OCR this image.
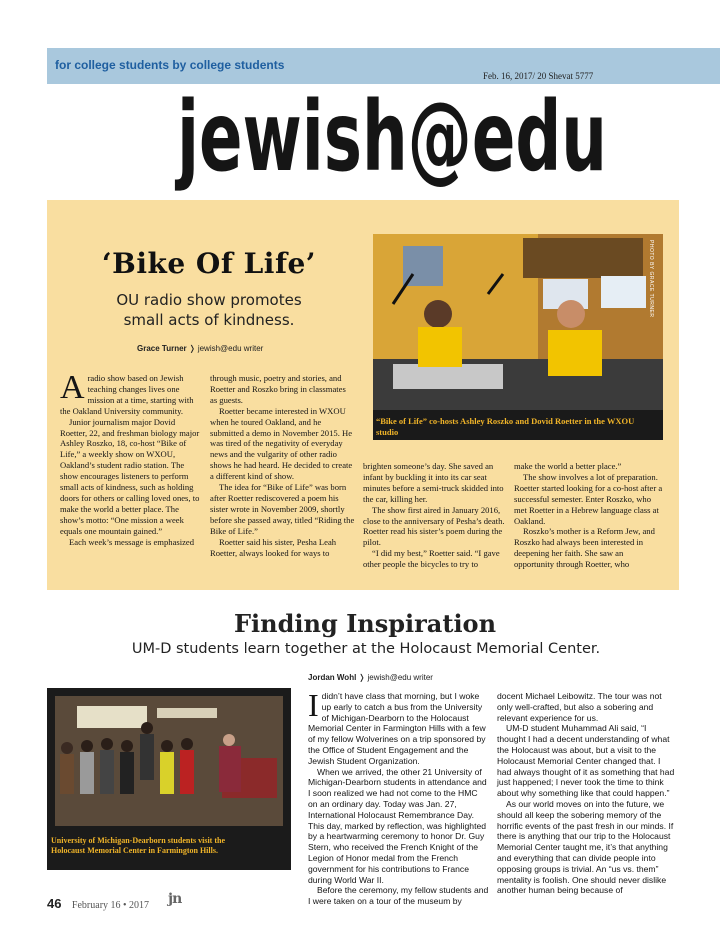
for college students by college students
Feb. 16, 2017/ 20 Shevat 5777
jewish@edu
‘Bike Of Life’
OU radio show promotes small acts of kindness.
Grace Turner ❭ jewish@edu writer
“Bike of Life” co-hosts Ashley Roszko and Dovid Roetter in the WXOU studio
PHOTO BY GRACE TURNER

Aradio show based on Jewish teaching changes lives one mission at a time, starting with the Oakland University community.

Junior journalism major Dovid Roetter, 22, and freshman biology major Ashley Roszko, 18, co-host “Bike of Life,” a weekly show on WXOU, Oakland’s student radio station. The show encourages listeners to perform small acts of kindness, such as holding doors for others or calling loved ones, to make the world a better place. The show’s motto: “One mission a week equals one mountain gained.”

Each week’s message is emphasized

through music, poetry and stories, and Roetter and Roszko bring in classmates as guests.

Roetter became interested in WXOU when he toured Oakland, and he submitted a demo in November 2015. He was tired of the negativity of everyday news and the vulgarity of other radio shows he had heard. He decided to create a different kind of show.

The idea for “Bike of Life” was born after Roetter rediscovered a poem his sister wrote in November 2009, shortly before she passed away, titled “Riding the Bike of Life.”

Roetter said his sister, Pesha Leah Roetter, always looked for ways to

brighten someone’s day. She saved an infant by buckling it into its car seat minutes before a semi-truck skidded into the car, killing her.

The show first aired in January 2016, close to the anniversary of Pesha’s death. Roetter read his sister’s poem during the pilot.

“I did my best,” Roetter said. “I gave other people the bicycles to try to

make the world a better place.”

The show involves a lot of preparation. Roetter started looking for a co-host after a successful semester. Enter Roszko, who met Roetter in a Hebrew language class at Oakland.

Roszko’s mother is a Reform Jew, and Roszko had always been interested in deepening her faith. She saw an opportunity through Roetter, who

Finding Inspiration
UM-D students learn together at the Holocaust Memorial Center.
Jordan Wohl ❭ jewish@edu writer
University of Michigan-Dearborn students visit the Holocaust Memorial Center in Farmington Hills.

Ididn’t have class that morning, but I woke up early to catch a bus from the University of Michigan-Dearborn to the Holocaust Memorial Center in Farmington Hills with a few of my fellow Wolverines on a trip sponsored by the Office of Student Engagement and the Jewish Student Organization.

When we arrived, the other 21 University of Michigan-Dearborn students in attendance and I soon realized we had not come to the HMC on an ordinary day. Today was Jan. 27, International Holocaust Remembrance Day. This day, marked by reflection, was highlighted by a heartwarming ceremony to honor Dr. Guy Stern, who received the French Knight of the Legion of Honor medal from the French government for his contributions to France during World War II.

Before the ceremony, my fellow students and I were taken on a tour of the museum by

docent Michael Leibowitz. The tour was not only well-crafted, but also a sobering and relevant experience for us.

UM-D student Muhammad Ali said, “I thought I had a decent understanding of what the Holocaust was about, but a visit to the Holocaust Memorial Center changed that. I had always thought of it as something that had just happened; I never took the time to think about why something like that could happen.”

As our world moves on into the future, we should all keep the sobering memory of the horrific events of the past fresh in our minds. If there is anything that our trip to the Holocaust Memorial Center taught me, it’s that anything and everything that can divide people into opposing groups is trivial. An “us vs. them” mentality is foolish. One should never dislike another human being because of

46 February 16 • 2017 jn
